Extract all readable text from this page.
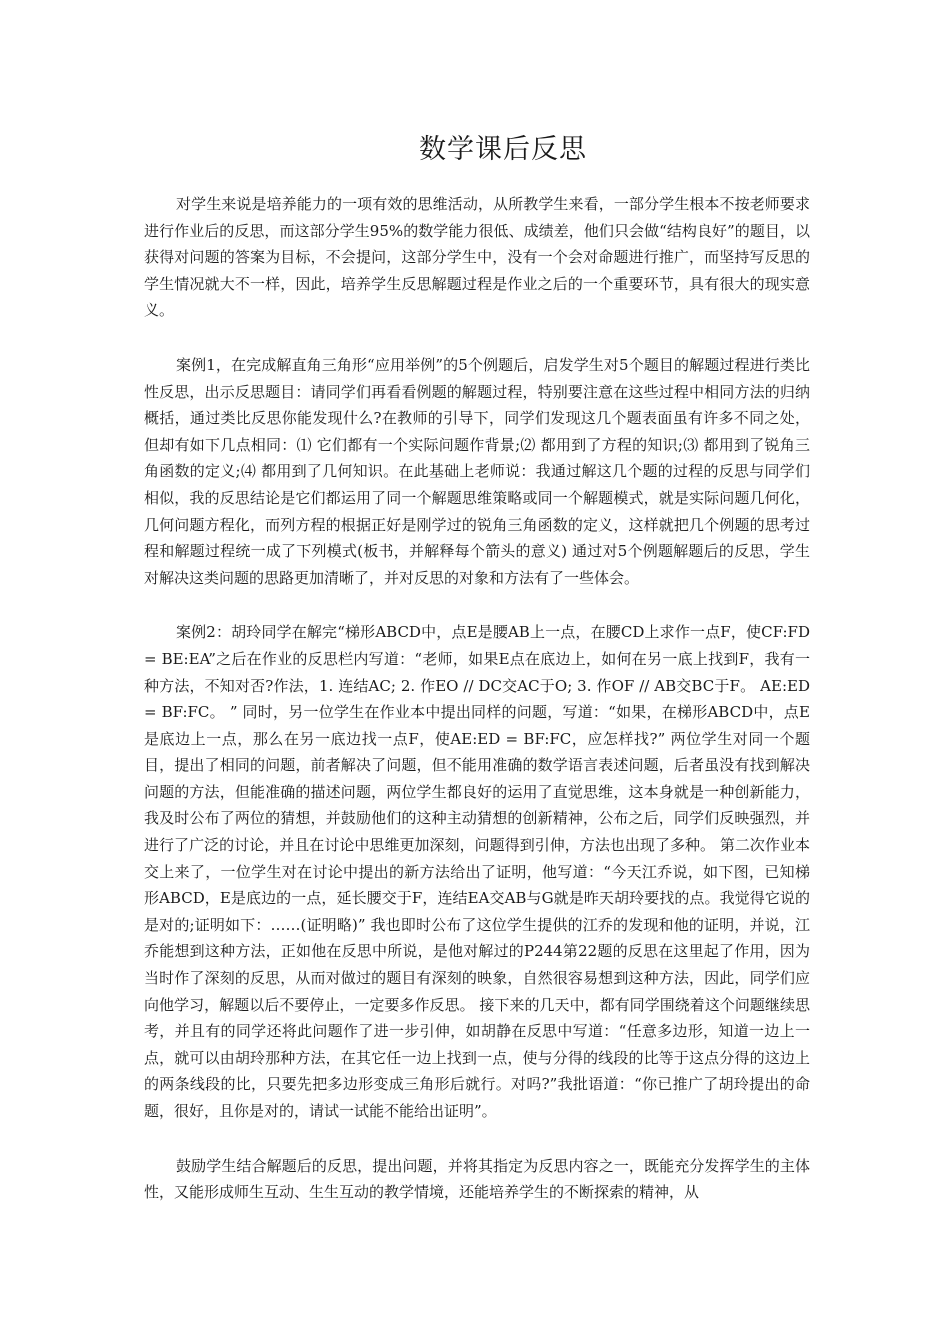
数学课后反思

对学生来说是培养能力的一项有效的思维活动，从所教学生来看，一部分学生根本不按老师要求进行作业后的反思，而这部分学生95%的数学能力很低、成绩差，他们只会做“结构良好”的题目，以获得对问题的答案为目标，不会提问，这部分学生中，没有一个会对命题进行推广，而坚持写反思的学生情况就大不一样，因此，培养学生反思解题过程是作业之后的一个重要环节，具有很大的现实意义。

案例1，在完成解直角三角形“应用举例”的5个例题后，启发学生对5个题目的解题过程进行类比性反思，出示反思题目：请同学们再看看例题的解题过程，特别要注意在这些过程中相同方法的归纳概括，通过类比反思你能发现什么?在教师的引导下，同学们发现这几个题表面虽有许多不同之处，但却有如下几点相同：⑴ 它们都有一个实际问题作背景;⑵ 都用到了方程的知识;⑶ 都用到了锐角三角函数的定义;⑷ 都用到了几何知识。在此基础上老师说：我通过解这几个题的过程的反思与同学们相似，我的反思结论是它们都运用了同一个解题思维策略或同一个解题模式，就是实际问题几何化，几何问题方程化，而列方程的根据正好是刚学过的锐角三角函数的定义，这样就把几个例题的思考过程和解题过程统一成了下列模式(板书，并解释每个箭头的意义) 通过对5个例题解题后的反思，学生对解决这类问题的思路更加清晰了，并对反思的对象和方法有了一些体会。

案例2：胡玲同学在解完“梯形ABCD中，点E是腰AB上一点，在腰CD上求作一点F，使CF:FD = BE:EA”之后在作业的反思栏内写道：“老师，如果E点在底边上，如何在另一底上找到F，我有一种方法，不知对否?作法，1. 连结AC; 2. 作EO // DC交AC于O; 3. 作OF // AB交BC于F。 AE:ED = BF:FC。 ” 同时，另一位学生在作业本中提出同样的问题，写道：“如果，在梯形ABCD中，点E是底边上一点，那么在另一底边找一点F，使AE:ED = BF:FC，应怎样找?” 两位学生对同一个题目，提出了相同的问题，前者解决了问题，但不能用准确的数学语言表述问题，后者虽没有找到解决问题的方法，但能准确的描述问题，两位学生都良好的运用了直觉思维，这本身就是一种创新能力，我及时公布了两位的猜想，并鼓励他们的这种主动猜想的创新精神，公布之后，同学们反映强烈，并进行了广泛的讨论，并且在讨论中思维更加深刻，问题得到引伸，方法也出现了多种。 第二次作业本交上来了，一位学生对在讨论中提出的新方法给出了证明，他写道：“今天江乔说，如下图，已知梯形ABCD，E是底边的一点，延长腰交于F，连结EA交AB与G就是昨天胡玲要找的点。我觉得它说的是对的;证明如下：……(证明略)” 我也即时公布了这位学生提供的江乔的发现和他的证明，并说，江乔能想到这种方法，正如他在反思中所说，是他对解过的P244第22题的反思在这里起了作用，因为当时作了深刻的反思，从而对做过的题目有深刻的映象，自然很容易想到这种方法，因此，同学们应向他学习，解题以后不要停止，一定要多作反思。 接下来的几天中，都有同学围绕着这个问题继续思考，并且有的同学还将此问题作了进一步引伸，如胡静在反思中写道：“任意多边形，知道一边上一点，就可以由胡玲那种方法，在其它任一边上找到一点，使与分得的线段的比等于这点分得的这边上的两条线段的比，只要先把多边形变成三角形后就行。对吗?”我批语道：“你已推广了胡玲提出的命题，很好，且你是对的，请试一试能不能给出证明”。

鼓励学生结合解题后的反思，提出问题，并将其指定为反思内容之一，既能充分发挥学生的主体性，又能形成师生互动、生生互动的教学情境，还能培养学生的不断探索的精神，从
